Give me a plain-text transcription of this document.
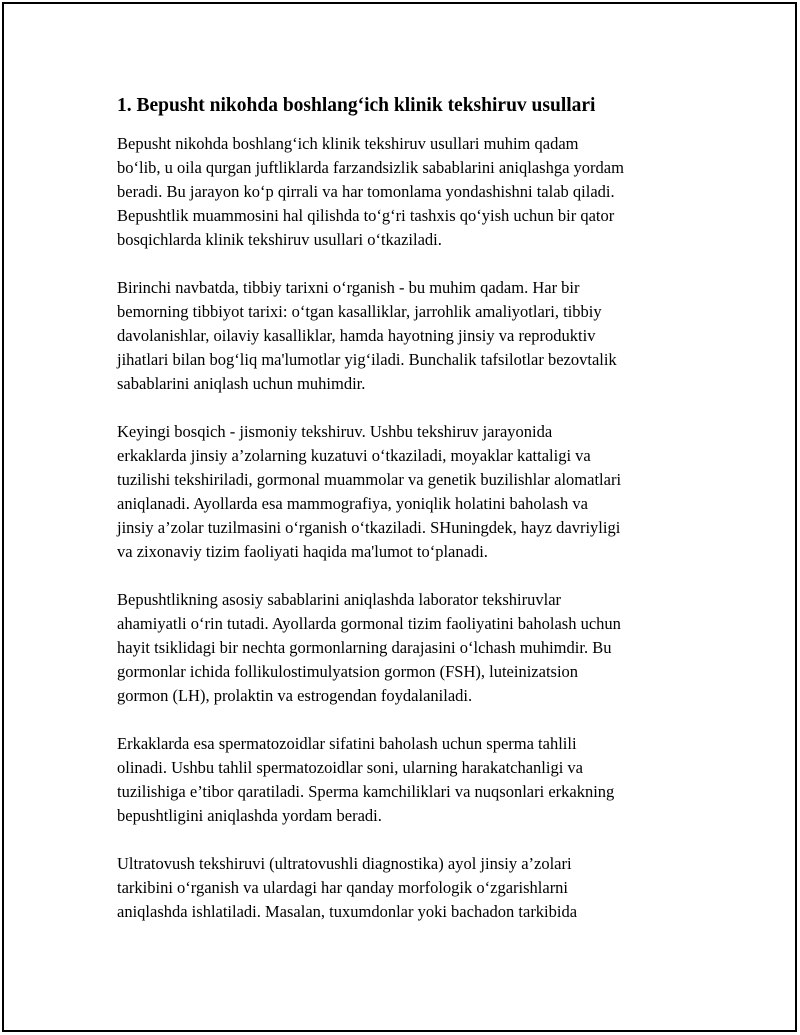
1. Bepusht nikohda boshlang‘ich klinik tekshiruv usullari

Bepusht nikohda boshlang‘ich klinik tekshiruv usullari muhim qadam
bo‘lib, u oila qurgan juftliklarda farzandsizlik sabablarini aniqlashga yordam
beradi. Bu jarayon ko‘p qirrali va har tomonlama yondashishni talab qiladi.
Bepushtlik muammosini hal qilishda to‘g‘ri tashxis qo‘yish uchun bir qator
bosqichlarda klinik tekshiruv usullari o‘tkaziladi.

Birinchi navbatda, tibbiy tarixni o‘rganish - bu muhim qadam. Har bir
bemorning tibbiyot tarixi: o‘tgan kasalliklar, jarrohlik amaliyotlari, tibbiy
davolanishlar, oilaviy kasalliklar, hamda hayotning jinsiy va reproduktiv
jihatlari bilan bog‘liq ma'lumotlar yig‘iladi. Bunchalik tafsilotlar bezovtalik
sabablarini aniqlash uchun muhimdir.

Keyingi bosqich - jismoniy tekshiruv. Ushbu tekshiruv jarayonida
erkaklarda jinsiy a’zolarning kuzatuvi o‘tkaziladi, moyaklar kattaligi va
tuzilishi tekshiriladi, gormonal muammolar va genetik buzilishlar alomatlari
aniqlanadi. Ayollarda esa mammografiya, yoniqlik holatini baholash va
jinsiy a’zolar tuzilmasini o‘rganish o‘tkaziladi. SHuningdek, hayz davriyligi
va zixonaviy tizim faoliyati haqida ma'lumot to‘planadi.

Bepushtlikning asosiy sabablarini aniqlashda laborator tekshiruvlar
ahamiyatli o‘rin tutadi. Ayollarda gormonal tizim faoliyatini baholash uchun
hayit tsiklidagi bir nechta gormonlarning darajasini o‘lchash muhimdir. Bu
gormonlar ichida follikulostimulyatsion gormon (FSH), luteinizatsion
gormon (LH), prolaktin va estrogendan foydalaniladi.

Erkaklarda esa spermatozoidlar sifatini baholash uchun sperma tahlili
olinadi. Ushbu tahlil spermatozoidlar soni, ularning harakatchanligi va
tuzilishiga e’tibor qaratiladi. Sperma kamchiliklari va nuqsonlari erkakning
bepushtligini aniqlashda yordam beradi.

Ultratovush tekshiruvi (ultratovushli diagnostika) ayol jinsiy a’zolari
tarkibini o‘rganish va ulardagi har qanday morfologik o‘zgarishlarni
aniqlashda ishlatiladi. Masalan, tuxumdonlar yoki bachadon tarkibida
